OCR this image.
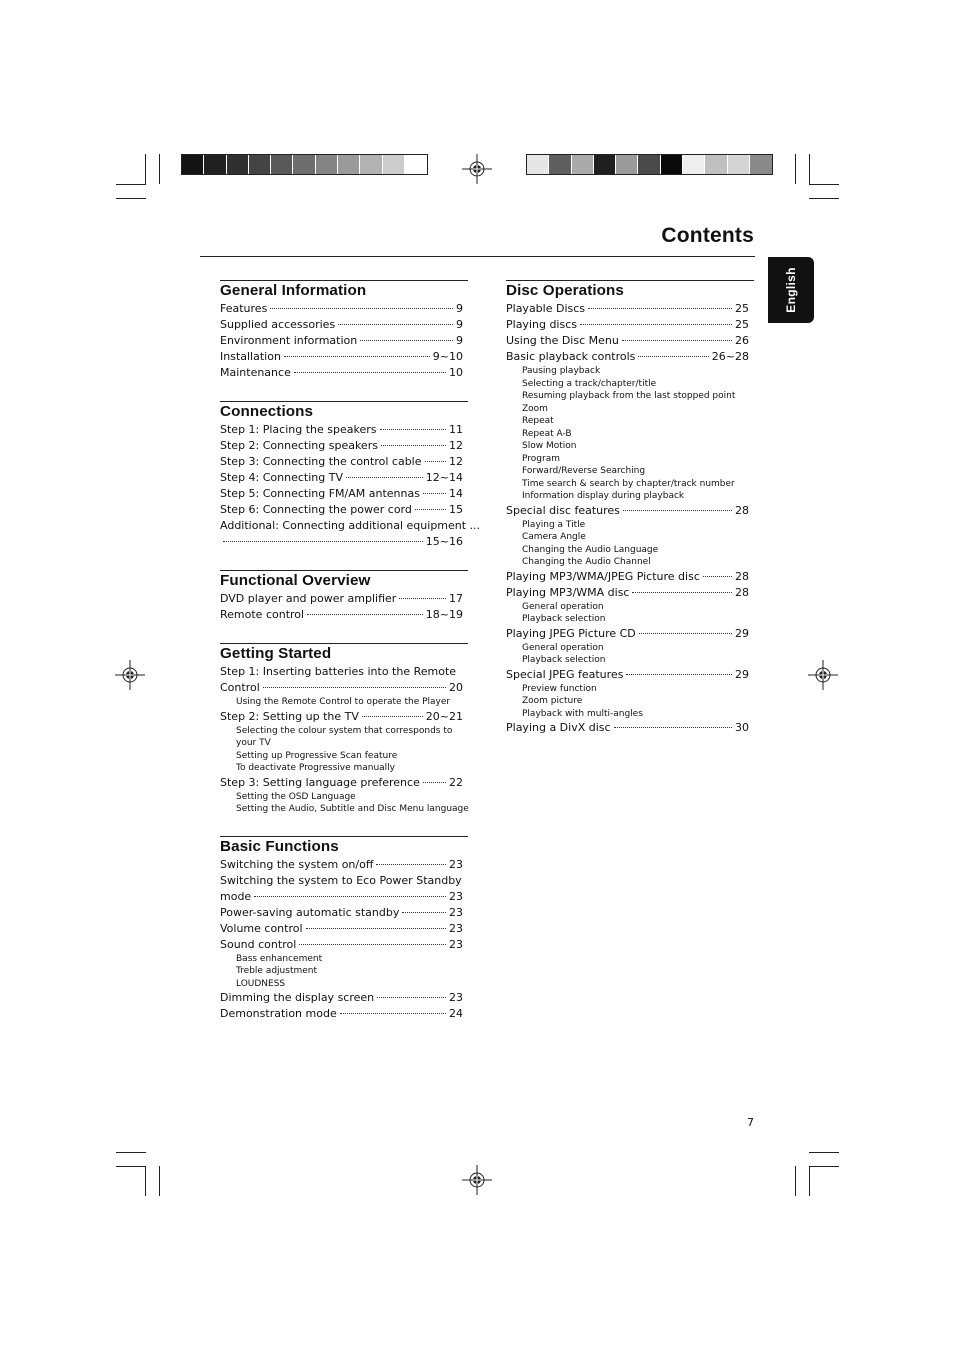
Contents
English
General Information
Features	9
Supplied accessories	9
Environment information	9
Installation	9~10
Maintenance	10
Connections
Step 1: Placing the speakers	11
Step 2: Connecting speakers	12
Step 3: Connecting the control cable 12
Step 4: Connecting TV	12~14
Step 5: Connecting FM/AM antennas	14
Step 6: Connecting the power cord	15
Additional: Connecting additional equipment ...
15~16
Functional Overview
DVD player and power amplifier	17
Remote control	18~19
Getting Started
Step 1: Inserting batteries into the Remote
Control	20
Using the Remote Control to operate the Player
Step 2: Setting up the TV	20~21
Selecting the colour system that corresponds to
your TV
Setting up Progressive Scan feature
To deactivate Progressive manually
Step 3: Setting language preference	22
Setting the OSD Language
Setting the Audio, Subtitle and Disc Menu language
Basic Functions
Switching the system on/off	23
Switching the system to Eco Power Standby
mode	23
Power-saving automatic standby	23
Volume control	23
Sound control	23
Bass enhancement
Treble adjustment
LOUDNESS
Dimming the display screen	23
Demonstration mode	24
Disc Operations
Playable Discs	25
Playing discs	25
Using the Disc Menu	26
Basic playback controls	26~28
Pausing playback
Selecting a track/chapter/title
Resuming playback from the last stopped point
Zoom
Repeat
Repeat A-B
Slow Motion
Program
Forward/Reverse Searching
Time search & search by chapter/track number
Information display during playback
Special disc features	28
Playing a Title
Camera Angle
Changing the Audio Language
Changing the Audio Channel
Playing MP3/WMA/JPEG Picture disc	28
Playing MP3/WMA disc	28
General operation
Playback selection
Playing JPEG Picture CD	29
General operation
Playback selection
Special JPEG features	29
Preview function
Zoom picture
Playback with multi-angles
Playing a DivX disc	30
7
